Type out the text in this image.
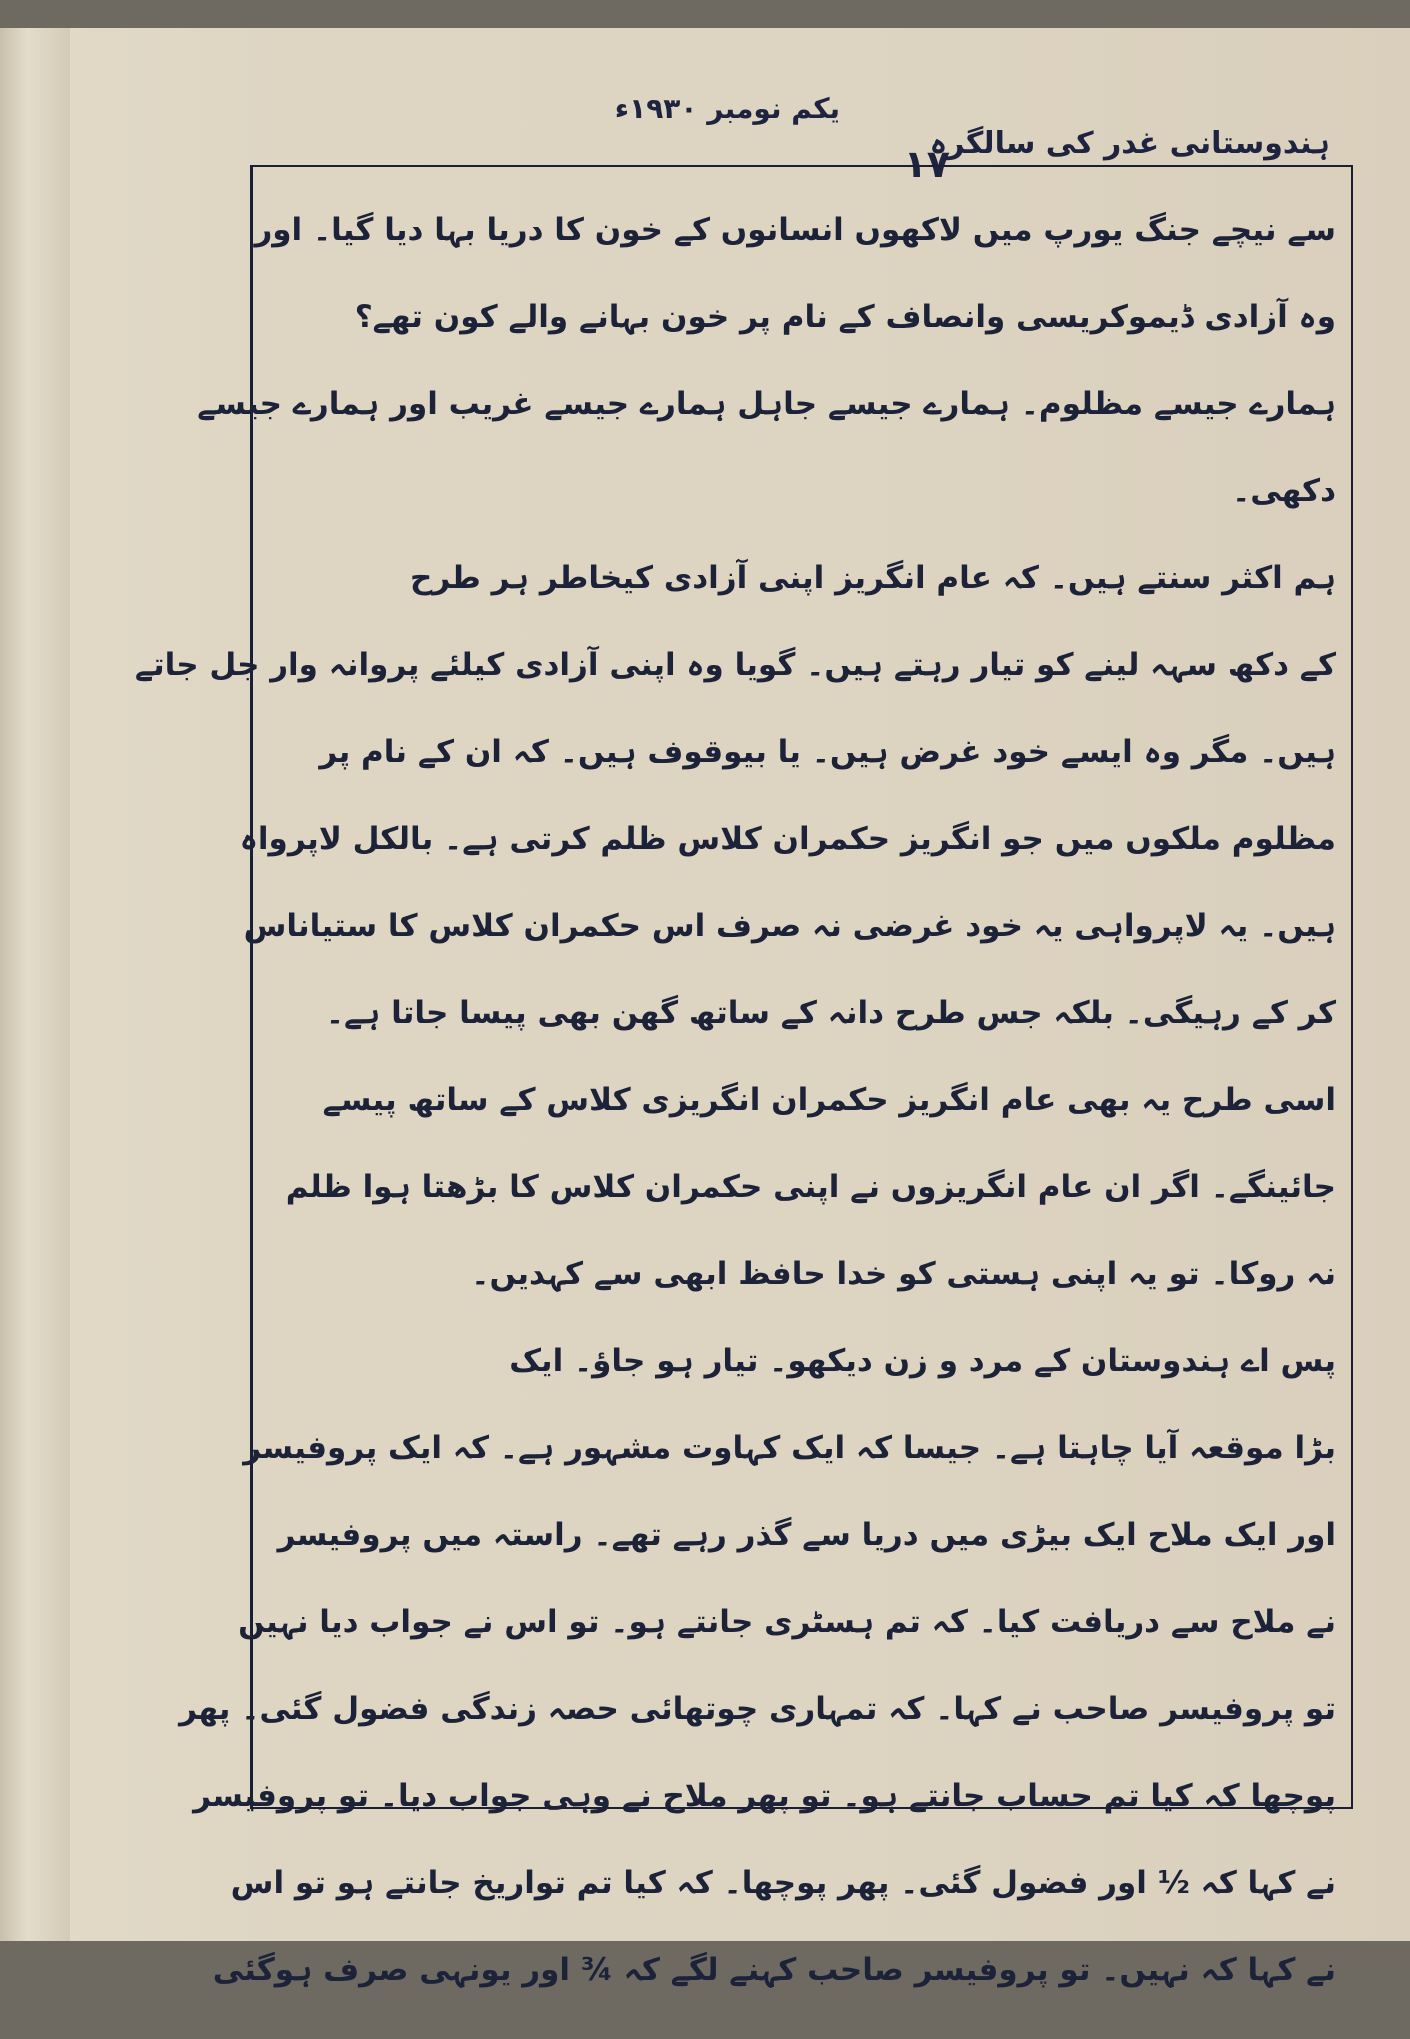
ہندوستانی غدر کی سالگرہ
۱۷
یکم نومبر ۱۹۳۰ء
سے نیچے جنگ یورپ میں لاکھوں انسانوں کے خون کا دریا بہا دیا گیا۔ اور
وہ آزادی ڈیموکریسی وانصاف کے نام پر خون بہانے والے کون تھے؟
ہمارے جیسے مظلوم۔ ہمارے جیسے جاہل ہمارے جیسے غریب اور ہمارے جیسے
دکھی۔
ہم اکثر سنتے ہیں۔ کہ عام انگریز اپنی آزادی کیخاطر ہر طرح
کے دکھ سہہ لینے کو تیار رہتے ہیں۔ گویا وہ اپنی آزادی کیلئے پروانہ وار جل جاتے
ہیں۔ مگر وہ ایسے خود غرض ہیں۔ یا بیوقوف ہیں۔ کہ ان کے نام پر
مظلوم ملکوں میں جو انگریز حکمران کلاس ظلم کرتی ہے۔ بالکل لاپرواہ
ہیں۔ یہ لاپرواہی یہ خود غرضی نہ صرف اس حکمران کلاس کا ستیاناس
کر کے رہیگی۔ بلکہ جس طرح دانہ کے ساتھ گھن بھی پیسا جاتا ہے۔
اسی طرح یہ بھی عام انگریز حکمران انگریزی کلاس کے ساتھ پیسے
جائینگے۔ اگر ان عام انگریزوں نے اپنی حکمران کلاس کا بڑھتا ہوا ظلم
نہ روکا۔ تو یہ اپنی ہستی کو خدا حافظ ابھی سے کہدیں۔
پس اے ہندوستان کے مرد و زن دیکھو۔ تیار ہو جاؤ۔ ایک
بڑا موقعہ آیا چاہتا ہے۔ جیسا کہ ایک کہاوت مشہور ہے۔ کہ ایک پروفیسر
اور ایک ملاح ایک بیڑی میں دریا سے گذر رہے تھے۔ راستہ میں پروفیسر
نے ملاح سے دریافت کیا۔ کہ تم ہسٹری جانتے ہو۔ تو اس نے جواب دیا نہیں
تو پروفیسر صاحب نے کہا۔ کہ تمہاری چوتھائی حصہ زندگی فضول گئی۔ پھر
پوچھا کہ کیا تم حساب جانتے ہو۔ تو پھر ملاح نے وہی جواب دیا۔ تو پروفیسر
نے کہا کہ ½ اور فضول گئی۔ پھر پوچھا۔ کہ کیا تم تواریخ جانتے ہو تو اس
نے کہا کہ نہیں۔ تو پروفیسر صاحب کہنے لگے کہ ¾ اور یونہی صرف ہوگئی
